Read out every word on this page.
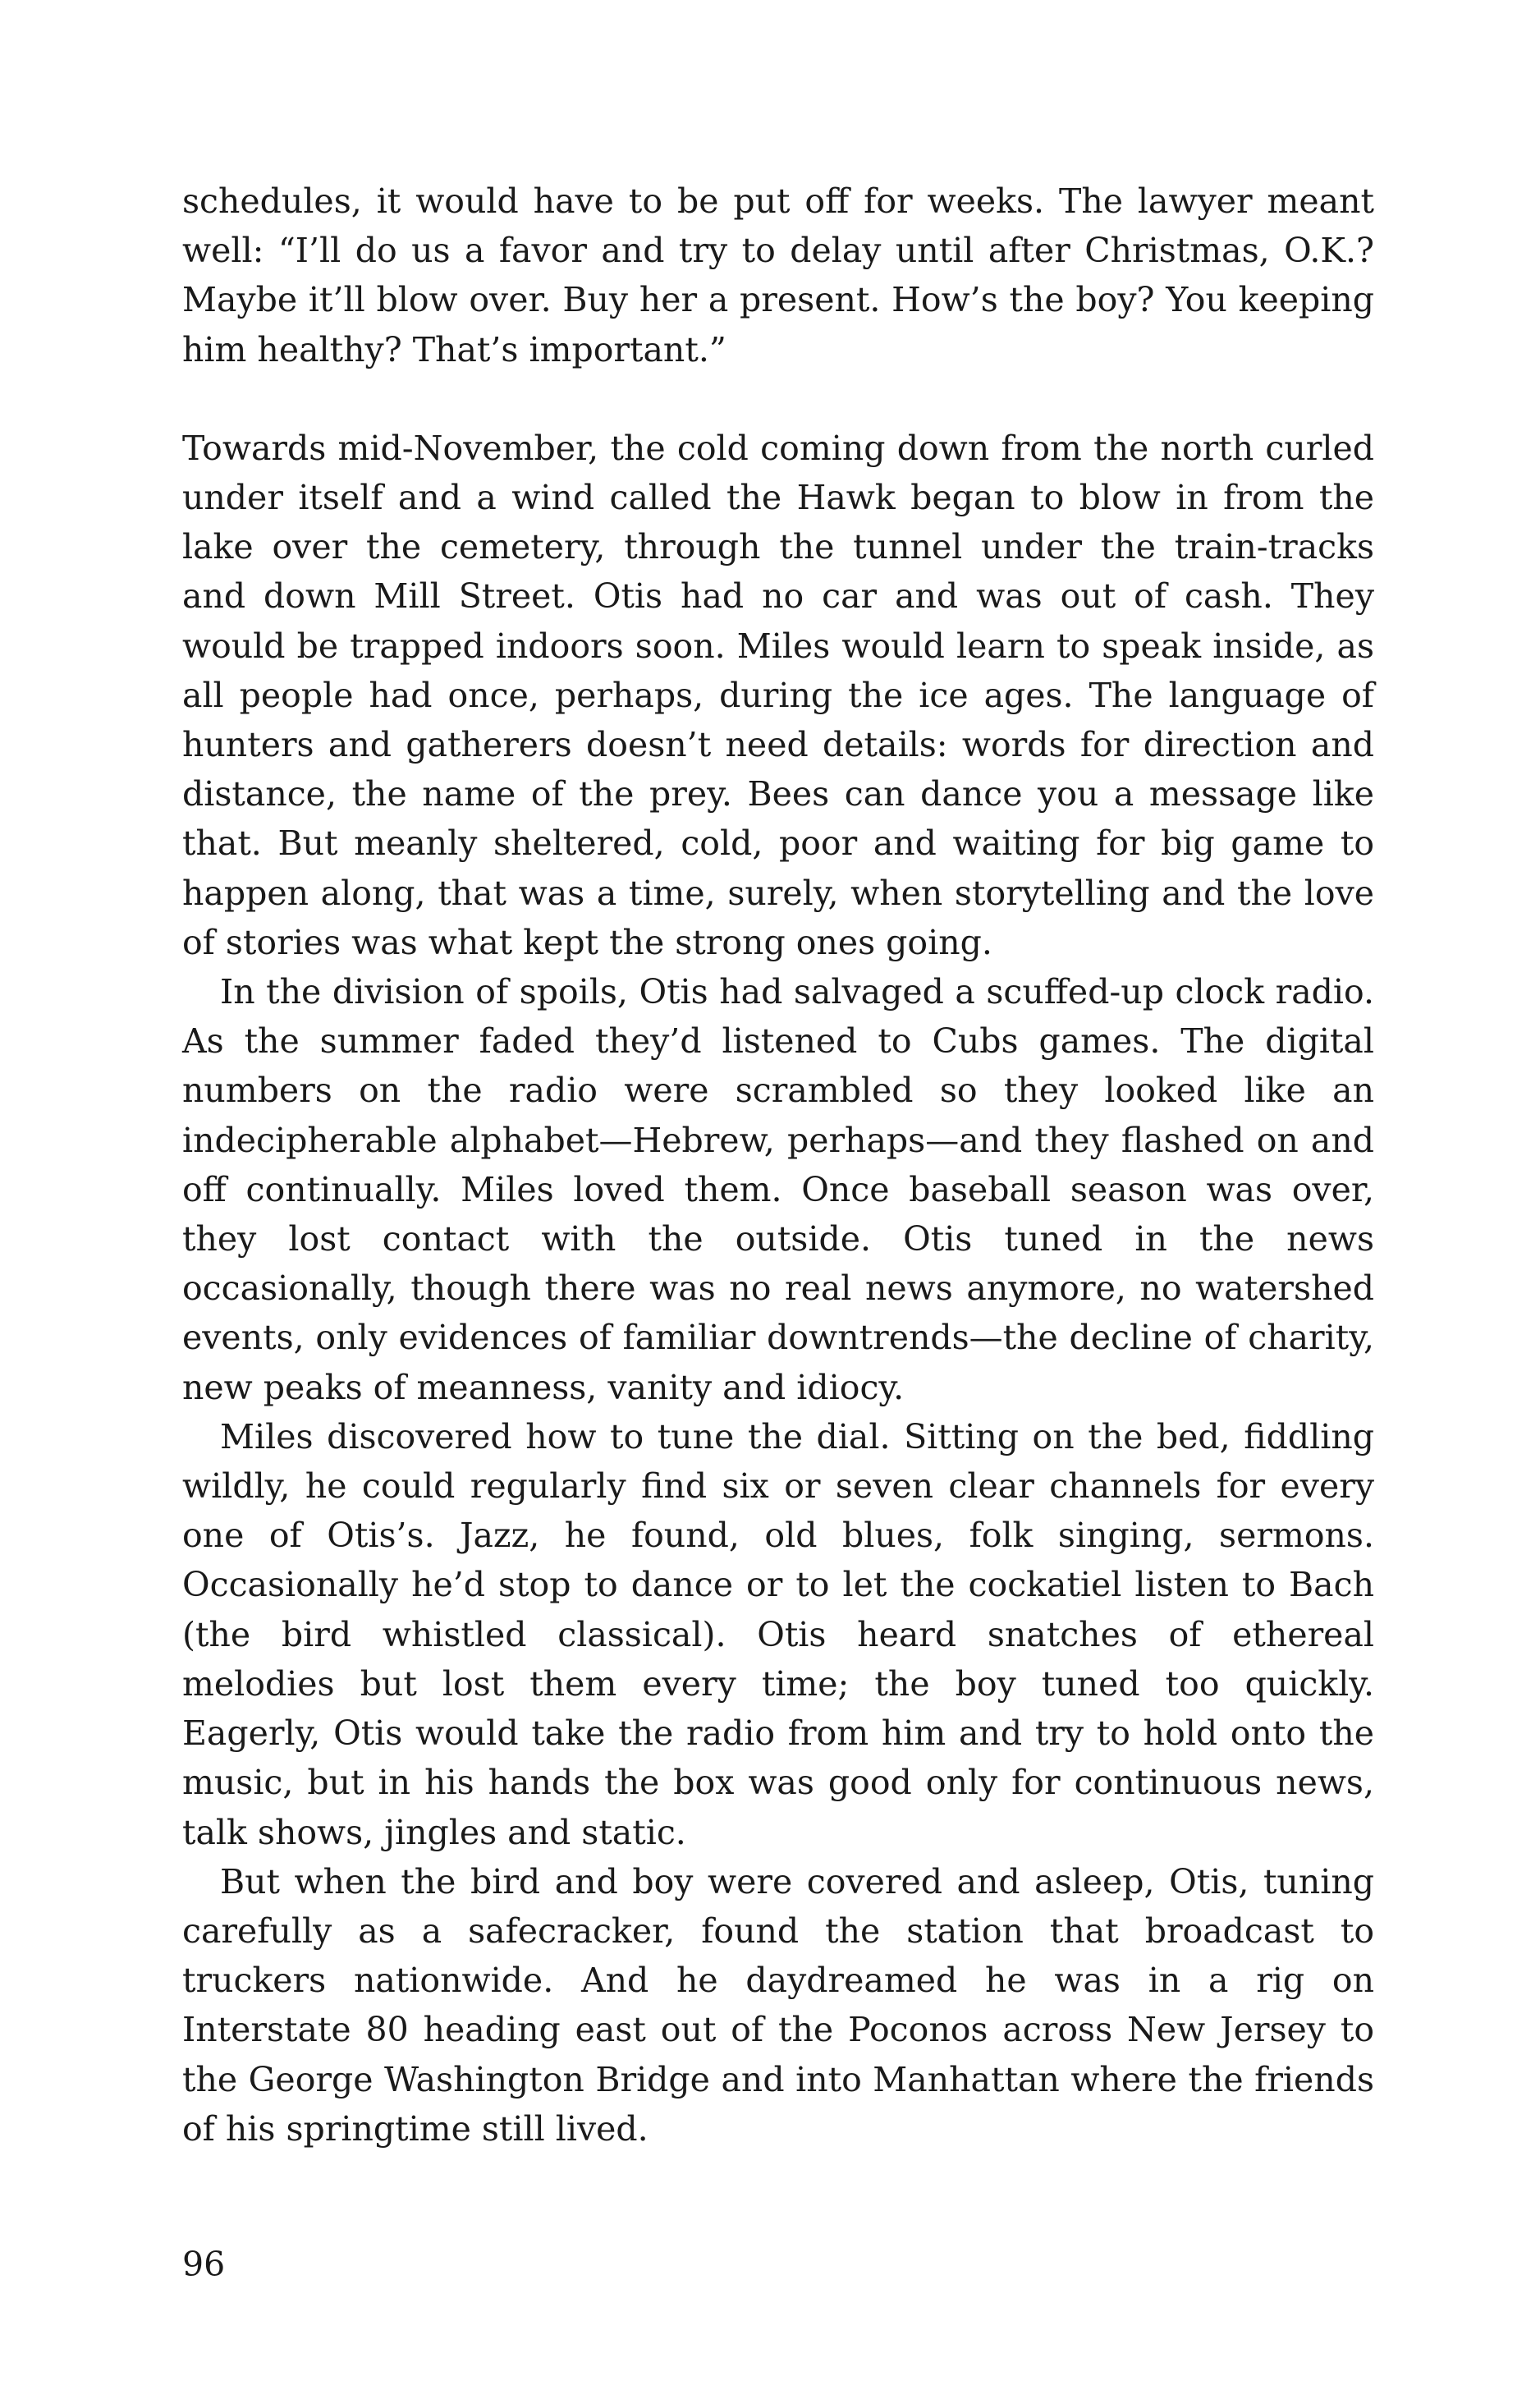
schedules, it would have to be put off for weeks. The lawyer meant well: “I’ll do us a favor and try to delay until after Christmas, O.K.? Maybe it’ll blow over. Buy her a present. How’s the boy? You keeping him healthy? That’s important.”

Towards mid-November, the cold coming down from the north curled under itself and a wind called the Hawk began to blow in from the lake over the cemetery, through the tunnel under the train-tracks and down Mill Street. Otis had no car and was out of cash. They would be trapped indoors soon. Miles would learn to speak inside, as all people had once, perhaps, during the ice ages. The language of hunters and gatherers doesn’t need details: words for direction and distance, the name of the prey. Bees can dance you a message like that. But meanly sheltered, cold, poor and waiting for big game to happen along, that was a time, surely, when storytelling and the love of stories was what kept the strong ones going.

In the division of spoils, Otis had salvaged a scuffed-up clock radio. As the summer faded they’d listened to Cubs games. The digital numbers on the radio were scrambled so they looked like an indecipherable alphabet—Hebrew, perhaps—and they flashed on and off continually. Miles loved them. Once baseball season was over, they lost contact with the outside. Otis tuned in the news occasionally, though there was no real news anymore, no watershed events, only evidences of familiar downtrends—the decline of charity, new peaks of meanness, vanity and idiocy.

Miles discovered how to tune the dial. Sitting on the bed, fiddling wildly, he could regularly find six or seven clear channels for every one of Otis’s. Jazz, he found, old blues, folk singing, sermons. Occasionally he’d stop to dance or to let the cockatiel listen to Bach (the bird whistled classical). Otis heard snatches of ethereal melodies but lost them every time; the boy tuned too quickly. Eagerly, Otis would take the radio from him and try to hold onto the music, but in his hands the box was good only for continuous news, talk shows, jingles and static.

But when the bird and boy were covered and asleep, Otis, tuning carefully as a safecracker, found the station that broadcast to truckers nationwide. And he daydreamed he was in a rig on Interstate 80 heading east out of the Poconos across New Jersey to the George Washington Bridge and into Manhattan where the friends of his springtime still lived.

96
